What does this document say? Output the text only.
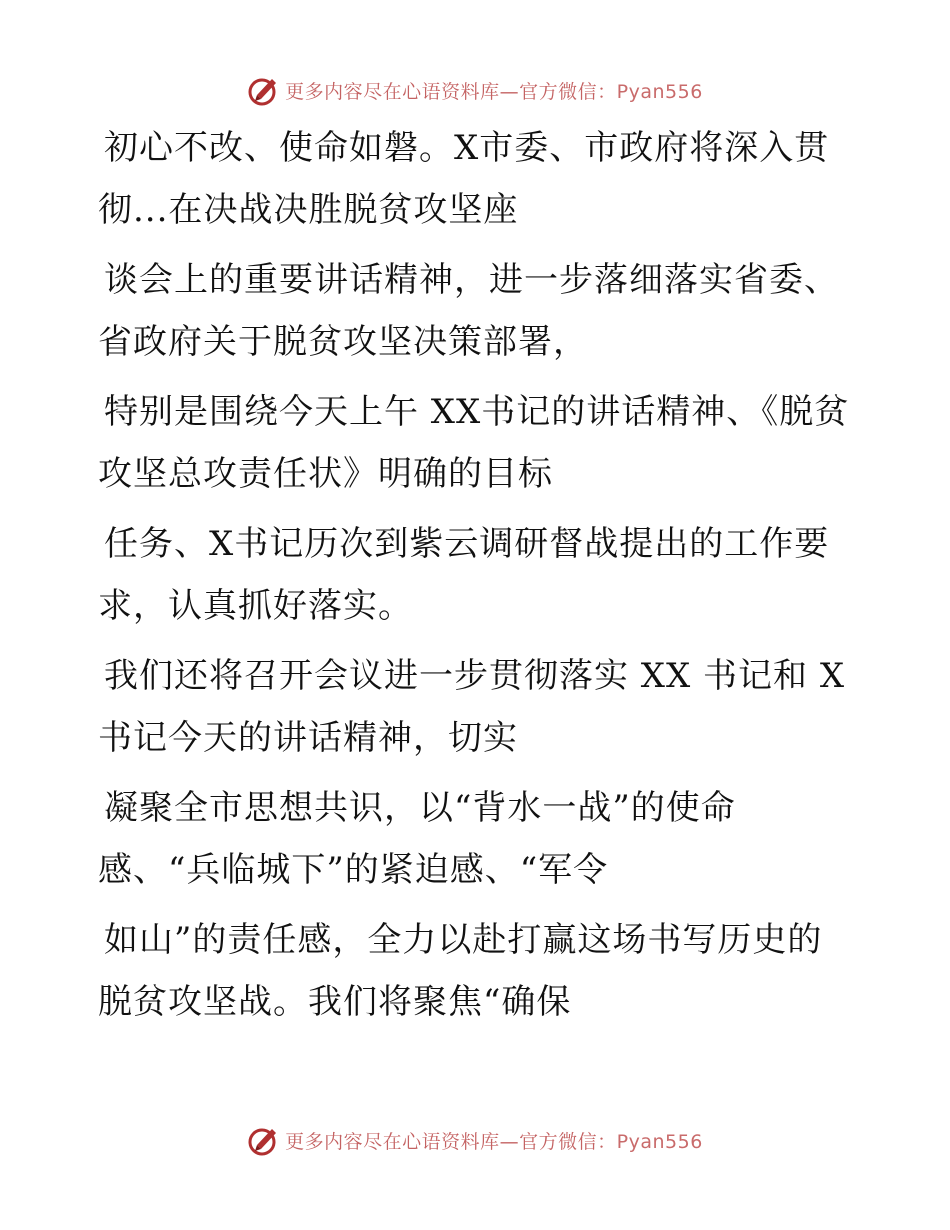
更多内容尽在心语资料库—官方微信：Pyan556
初心不改、使命如磐。X市委、市政府将深入贯
彻...在决战决胜脱贫攻坚座
谈会上的重要讲话精神，进一步落细落实省委、
省政府关于脱贫攻坚决策部署，
特别是围绕今天上午 XX书记的讲话精神、《脱贫
攻坚总攻责任状》明确的目标
任务、X书记历次到紫云调研督战提出的工作要
求，认真抓好落实。
我们还将召开会议进一步贯彻落实 XX 书记和 X
书记今天的讲话精神，切实
凝聚全市思想共识，以“背水一战”的使命
感、“兵临城下”的紧迫感、“军令
如山”的责任感，全力以赴打赢这场书写历史的
脱贫攻坚战。我们将聚焦“确保
更多内容尽在心语资料库—官方微信：Pyan556
